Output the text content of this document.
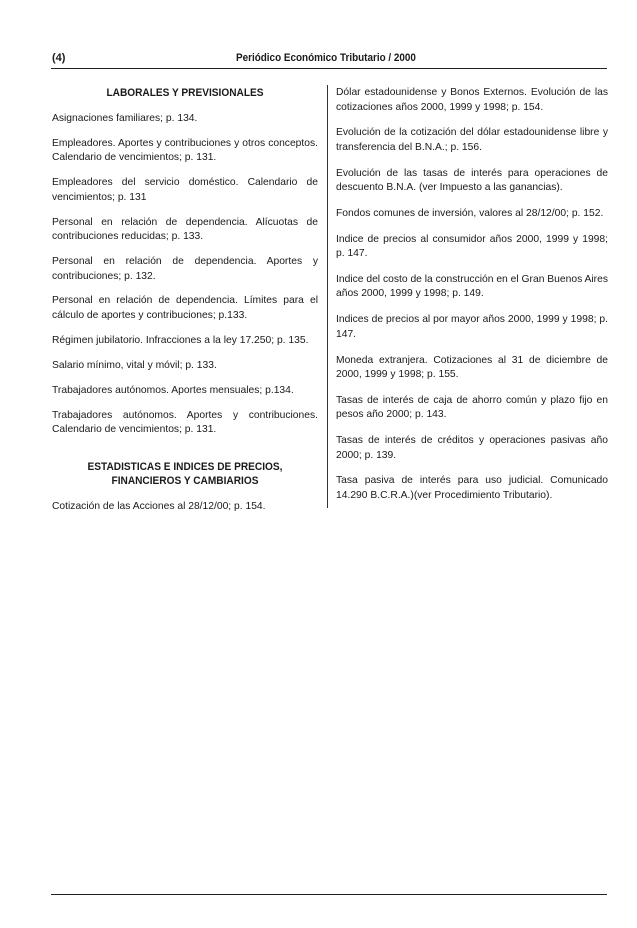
(4)	Periódico Económico Tributario / 2000
LABORALES Y PREVISIONALES

Asignaciones familiares; p. 134.

Empleadores. Aportes y contribuciones y otros conceptos. Calendario de vencimientos; p. 131.

Empleadores del servicio doméstico. Calendario de vencimientos; p. 131

Personal en relación de dependencia. Alícuotas de contribuciones reducidas; p. 133.

Personal en relación de dependencia. Aportes y contribuciones; p. 132.

Personal en relación de dependencia. Límites para el cálculo de aportes y contribuciones; p.133.

Régimen jubilatorio. Infracciones a la ley 17.250; p. 135.

Salario mínimo, vital y móvil; p. 133.

Trabajadores autónomos. Aportes mensuales; p.134.

Trabajadores autónomos. Aportes y contribuciones. Calendario de vencimientos; p. 131.

ESTADISTICAS E INDICES DE PRECIOS,
FINANCIEROS Y CAMBIARIOS

Cotización de las Acciones al 28/12/00; p. 154.

Dólar estadounidense y Bonos Externos. Evolución de las cotizaciones años 2000, 1999 y 1998; p. 154.

Evolución de la cotización del dólar estadounidense libre y transferencia del B.N.A.; p. 156.

Evolución de las tasas de interés para operaciones de descuento B.N.A. (ver Impuesto a las ganancias).

Fondos comunes de inversión, valores al 28/12/00; p. 152.

Indice de precios al consumidor años 2000, 1999 y 1998; p. 147.

Indice del costo de la construcción en el Gran Buenos Aires años 2000, 1999 y 1998; p. 149.

Indices de precios al por mayor años 2000, 1999 y 1998; p. 147.

Moneda extranjera. Cotizaciones al 31 de diciembre de 2000, 1999 y 1998; p. 155.

Tasas de interés de caja de ahorro común y plazo fijo en pesos año 2000; p. 143.

Tasas de interés de créditos y operaciones pasivas año 2000; p. 139.

Tasa pasiva de interés para uso judicial. Comunicado 14.290 B.C.R.A.)(ver Procedimiento Tributario).
